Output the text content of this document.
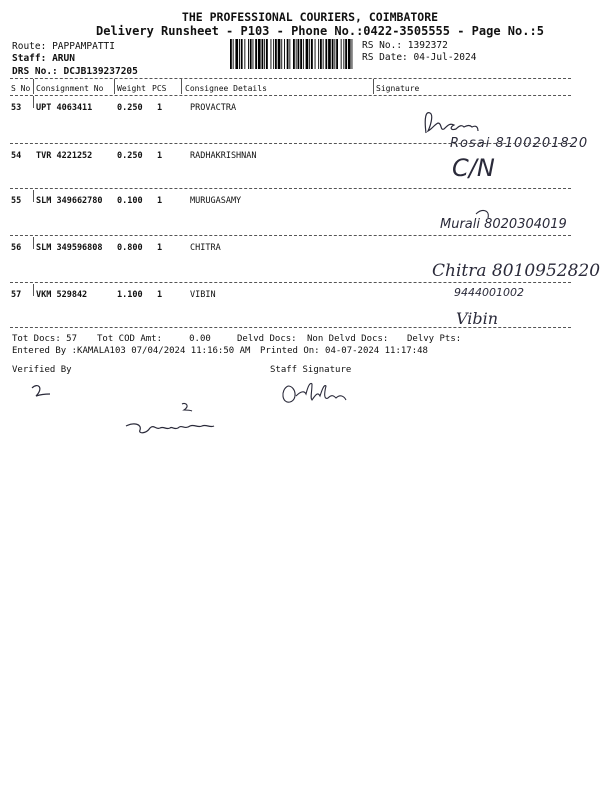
THE PROFESSIONAL COURIERS, COIMBATORE
Delivery Runsheet - P103 - Phone No.:0422-3505555 - Page No.:5
Route: PAPPAMPATTI
Staff: ARUN
DRS No.: DCJB139237205
RS No.: 1392372
RS Date: 04-Jul-2024
S No Consignment No Weight PCS Consignee Details	Signature
53 UPT 4063411	0.250 1	PROVACTRA
Rosai 8100201820
54 TVR 4221252	0.250 1	RADHAKRISHNAN	C/N
55 SLM 349662780 0.100 1	MURUGASAMY
Murali 8020304019
56 SLM 349596808 0.800 1	CHITRA
Chitra 8010952820
57 VKM 529842	1.100 1	VIBIN	9444001002
Vibin
Tot Docs: 57 Tot COD Amt:     0.00	Delvd Docs: Non Delvd Docs: Delvy Pts:
Entered By :KAMALA103 07/04/2024 11:16:50 AM Printed On: 04-07-2024 11:17:48
Verified By	Staff Signature
